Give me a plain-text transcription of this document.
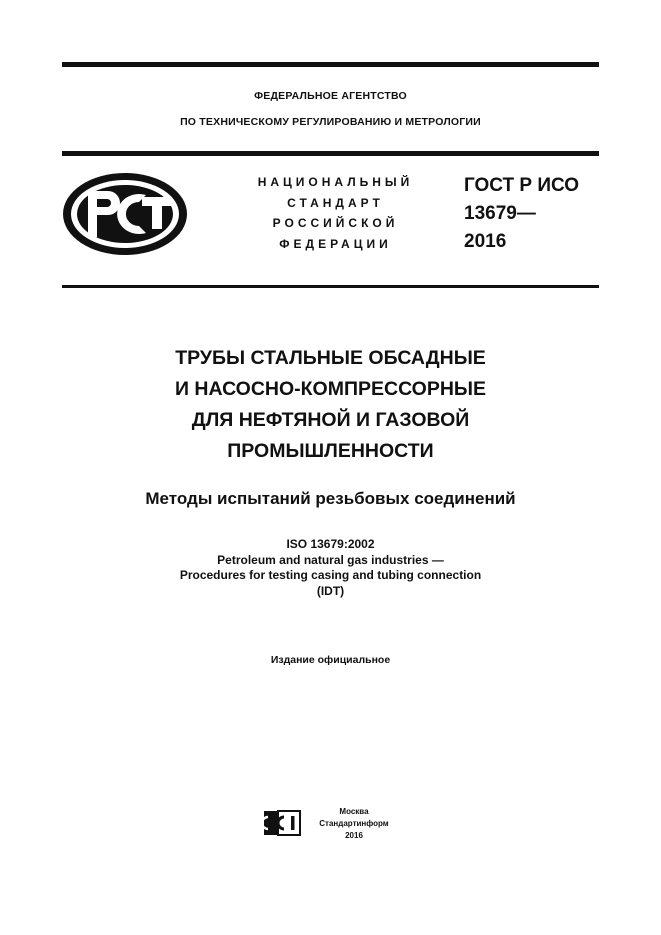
ФЕДЕРАЛЬНОЕ АГЕНТСТВО
ПО ТЕХНИЧЕСКОМУ РЕГУЛИРОВАНИЮ И МЕТРОЛОГИИ
НАЦИОНАЛЬНЫЙ
СТАНДАРТ
РОССИЙСКОЙ
ФЕДЕРАЦИИ
ГОСТ Р ИСО
13679—
2016
ТРУБЫ СТАЛЬНЫЕ ОБСАДНЫЕ
И НАСОСНО-КОМПРЕССОРНЫЕ
ДЛЯ НЕФТЯНОЙ И ГАЗОВОЙ
ПРОМЫШЛЕННОСТИ
Методы испытаний резьбовых соединений
ISO 13679:2002
Petroleum and natural gas industries —
Procedures for testing casing and tubing connection
(IDT)
Издание официальное
Москва
Стандартинформ
2016
